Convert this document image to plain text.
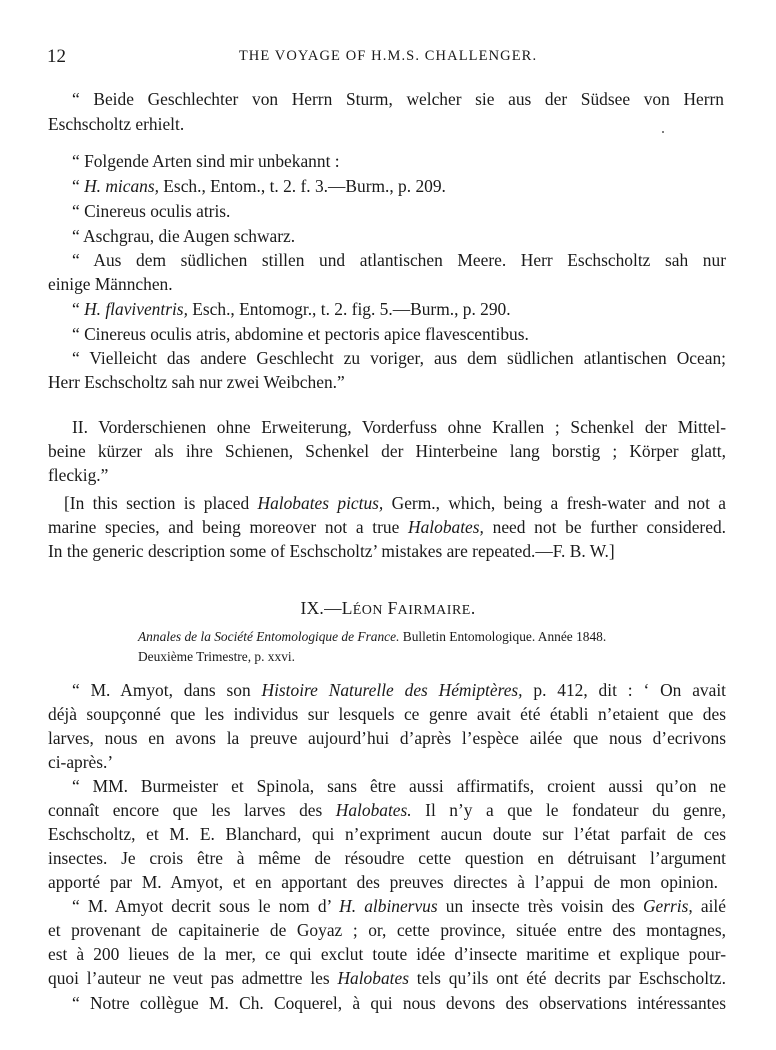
12	THE VOYAGE OF H.M.S. CHALLENGER.
“ Beide Geschlechter von Herrn Sturm, welcher sie aus der Südsee von Herrn
Eschscholtz erhielt.
“ Folgende Arten sind mir unbekannt :
“ H. micans, Esch., Entom., t. 2. f. 3.—Burm., p. 209.
“ Cinereus oculis atris.
“ Aschgrau, die Augen schwarz.
“ Aus dem südlichen stillen und atlantischen Meere. Herr Eschscholtz sah nur
einige Männchen.
“ H. flaviventris, Esch., Entomogr., t. 2. fig. 5.—Burm., p. 290.
“ Cinereus oculis atris, abdomine et pectoris apice flavescentibus.
“ Vielleicht das andere Geschlecht zu voriger, aus dem südlichen atlantischen Ocean;
Herr Eschscholtz sah nur zwei Weibchen.”
II. Vorderschienen ohne Erweiterung, Vorderfuss ohne Krallen ; Schenkel der Mittel-
beine kürzer als ihre Schienen, Schenkel der Hinterbeine lang borstig ; Körper glatt,
fleckig.”
[In this section is placed Halobates pictus, Germ., which, being a fresh-water and not a
marine species, and being moreover not a true Halobates, need not be further considered.
In the generic description some of Eschscholtz’ mistakes are repeated.—F. B. W.]
IX.—LÉON FAIRMAIRE.
Annales de la Société Entomologique de France. Bulletin Entomologique. Année 1848.
Deuxième Trimestre, p. xxvi.
“ M. Amyot, dans son Histoire Naturelle des Hémiptères, p. 412, dit : ‘ On avait
déjà soupçonné que les individus sur lesquels ce genre avait été établi n’etaient que des
larves, nous en avons la preuve aujourd’hui d’après l’espèce ailée que nous d’ecrivons
ci-après.’
“ MM. Burmeister et Spinola, sans être aussi affirmatifs, croient aussi qu’on ne
connaît encore que les larves des Halobates. Il n’y a que le fondateur du genre,
Eschscholtz, et M. E. Blanchard, qui n’expriment aucun doute sur l’état parfait de ces
insectes. Je crois être à même de résoudre cette question en détruisant l’argument
apporté par M. Amyot, et en apportant des preuves directes à l’appui de mon opinion.
“ M. Amyot decrit sous le nom d’ H. albinervus un insecte très voisin des Gerris, ailé
et provenant de capitainerie de Goyaz ; or, cette province, située entre des montagnes,
est à 200 lieues de la mer, ce qui exclut toute idée d’insecte maritime et explique pour-
quoi l’auteur ne veut pas admettre les Halobates tels qu’ils ont été decrits par Eschscholtz.
“ Notre collègue M. Ch. Coquerel, à qui nous devons des observations intéressantes
